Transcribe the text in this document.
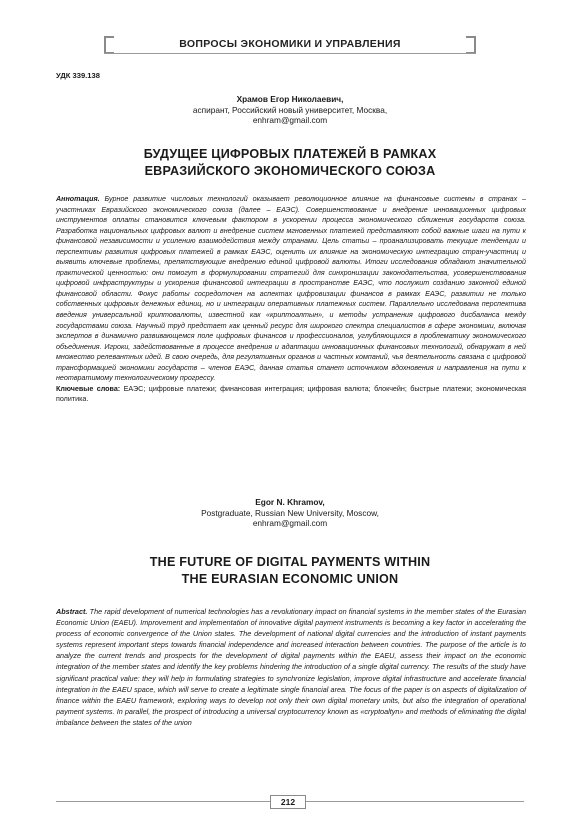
ВОПРОСЫ ЭКОНОМИКИ И УПРАВЛЕНИЯ
УДК 339.138
Храмов Егор Николаевич,
аспирант, Российский новый университет, Москва,
enhram@gmail.com
БУДУЩЕЕ ЦИФРОВЫХ ПЛАТЕЖЕЙ В РАМКАХ
ЕВРАЗИЙСКОГО ЭКОНОМИЧЕСКОГО СОЮЗА
Аннотация. Бурное развитие числовых технологий оказывает революционное влияние на финансовые системы в странах – участниках Евразийского экономического союза (далее – ЕАЭС). Совершенствование и внедрение инновационных цифровых инструментов оплаты становится ключевым фактором в ускорении процесса экономического сближения государств союза. Разработка национальных цифровых валют и внедрение систем мгновенных платежей представляют собой важные шаги на пути к финансовой независимости и усилению взаимодействия между странами. Цель статьи – проанализировать текущие тенденции и перспективы развития цифровых платежей в рамках ЕАЭС, оценить их влияние на экономическую интеграцию стран-участниц и выявить ключевые проблемы, препятствующие внедрению единой цифровой валюты. Итоги исследования обладают значительной практической ценностью: они помогут в формулировании стратегий для синхронизации законодательства, усовершенствования цифровой инфраструктуры и ускорения финансовой интеграции в пространстве ЕАЭС, что послужит созданию законной единой финансовой области. Фокус работы сосредоточен на аспектах цифровизации финансов в рамках ЕАЭС, развитии не только собственных цифровых денежных единиц, но и интеграции оперативных платежных систем. Параллельно исследована перспектива введения универсальной криптовалюты, известной как «криптоалтын», и методы устранения цифрового дисбаланса между государствами союза. Научный труд предстает как ценный ресурс для широкого спектра специалистов в сфере экономики, включая экспертов в динамично развивающемся поле цифровых финансов и профессионалов, углубляющихся в проблематику экономического объединения. Игроки, задействованные в процессе внедрения и адаптации инновационных финансовых технологий, обнаружат в ней множество релевантных идей. В свою очередь, для регулятивных органов и частных компаний, чья деятельность связана с цифровой трансформацией экономики государств – членов ЕАЭС, данная статья станет источником вдохновения и направления на пути к неотвратимому технологическому прогрессу.
Ключевые слова: ЕАЭС; цифровые платежи; финансовая интеграция; цифровая валюта; блокчейн; быстрые платежи; экономическая политика.
Egor N. Khramov,
Postgraduate, Russian New University, Moscow,
enhram@gmail.com
THE FUTURE OF DIGITAL PAYMENTS WITHIN
THE EURASIAN ECONOMIC UNION
Abstract. The rapid development of numerical technologies has a revolutionary impact on financial systems in the member states of the Eurasian Economic Union (EAEU). Improvement and implementation of innovative digital payment instruments is becoming a key factor in accelerating the process of economic convergence of the Union states. The development of national digital currencies and the introduction of instant payments systems represent important steps towards financial independence and increased interaction between countries. The purpose of the article is to analyze the current trends and prospects for the development of digital payments within the EAEU, assess their impact on the economic integration of the member states and identify the key problems hindering the introduction of a single digital currency. The results of the study have significant practical value: they will help in formulating strategies to synchronize legislation, improve digital infrastructure and accelerate financial integration in the EAEU space, which will serve to create a legitimate single financial area. The focus of the paper is on aspects of digitalization of finance within the EAEU framework, exploring ways to develop not only their own digital monetary units, but also the integration of operational payment systems. In parallel, the prospect of introducing a universal cryptocurrency known as «cryptoaltyn» and methods of eliminating the digital imbalance between the states of the union
212
